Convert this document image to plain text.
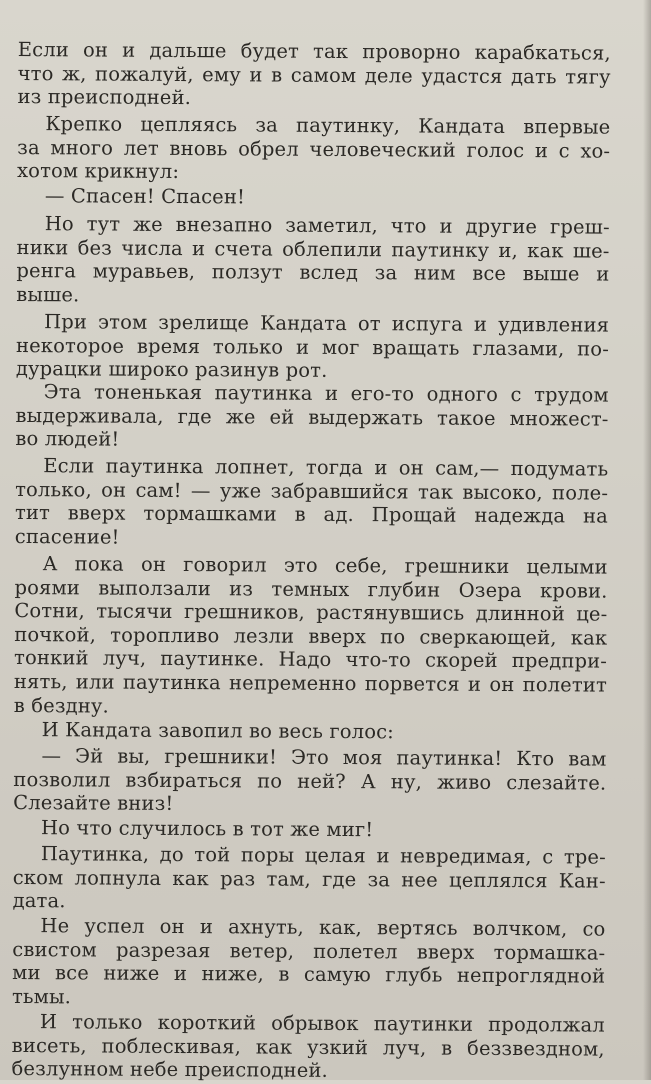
Если он и дальше будет так проворно карабкаться,
что ж, пожалуй, ему и в самом деле удастся дать тягу
из преисподней.
Крепко цепляясь за паутинку, Кандата впервые
за много лет вновь обрел человеческий голос и с хо-
хотом крикнул:
— Спасен! Спасен!
Но тут же внезапно заметил, что и другие греш-
ники без числа и счета облепили паутинку и, как ше-
ренга муравьев, ползут вслед за ним все выше и
выше.
При этом зрелище Кандата от испуга и удивления
некоторое время только и мог вращать глазами, по-
дурацки широко разинув рот.
Эта тоненькая паутинка и его-то одного с трудом
выдерживала, где же ей выдержать такое множест-
во людей!
Если паутинка лопнет, тогда и он сам,— подумать
только, он сам! — уже забравшийся так высоко, поле-
тит вверх тормашками в ад. Прощай надежда на
спасение!
А пока он говорил это себе, грешники целыми
роями выползали из темных глубин Озера крови.
Сотни, тысячи грешников, растянувшись длинной це-
почкой, торопливо лезли вверх по сверкающей, как
тонкий луч, паутинке. Надо что-то скорей предпри-
нять, или паутинка непременно порвется и он полетит
в бездну.
И Кандата завопил во весь голос:
— Эй вы, грешники! Это моя паутинка! Кто вам
позволил взбираться по ней? А ну, живо слезайте.
Слезайте вниз!
Но что случилось в тот же миг!
Паутинка, до той поры целая и невредимая, с тре-
ском лопнула как раз там, где за нее цеплялся Кан-
дата.
Не успел он и ахнуть, как, вертясь волчком, со
свистом разрезая ветер, полетел вверх тормашка-
ми все ниже и ниже, в самую глубь непроглядной
тьмы.
И только короткий обрывок паутинки продолжал
висеть, поблескивая, как узкий луч, в беззвездном,
безлунном небе преисподней.
